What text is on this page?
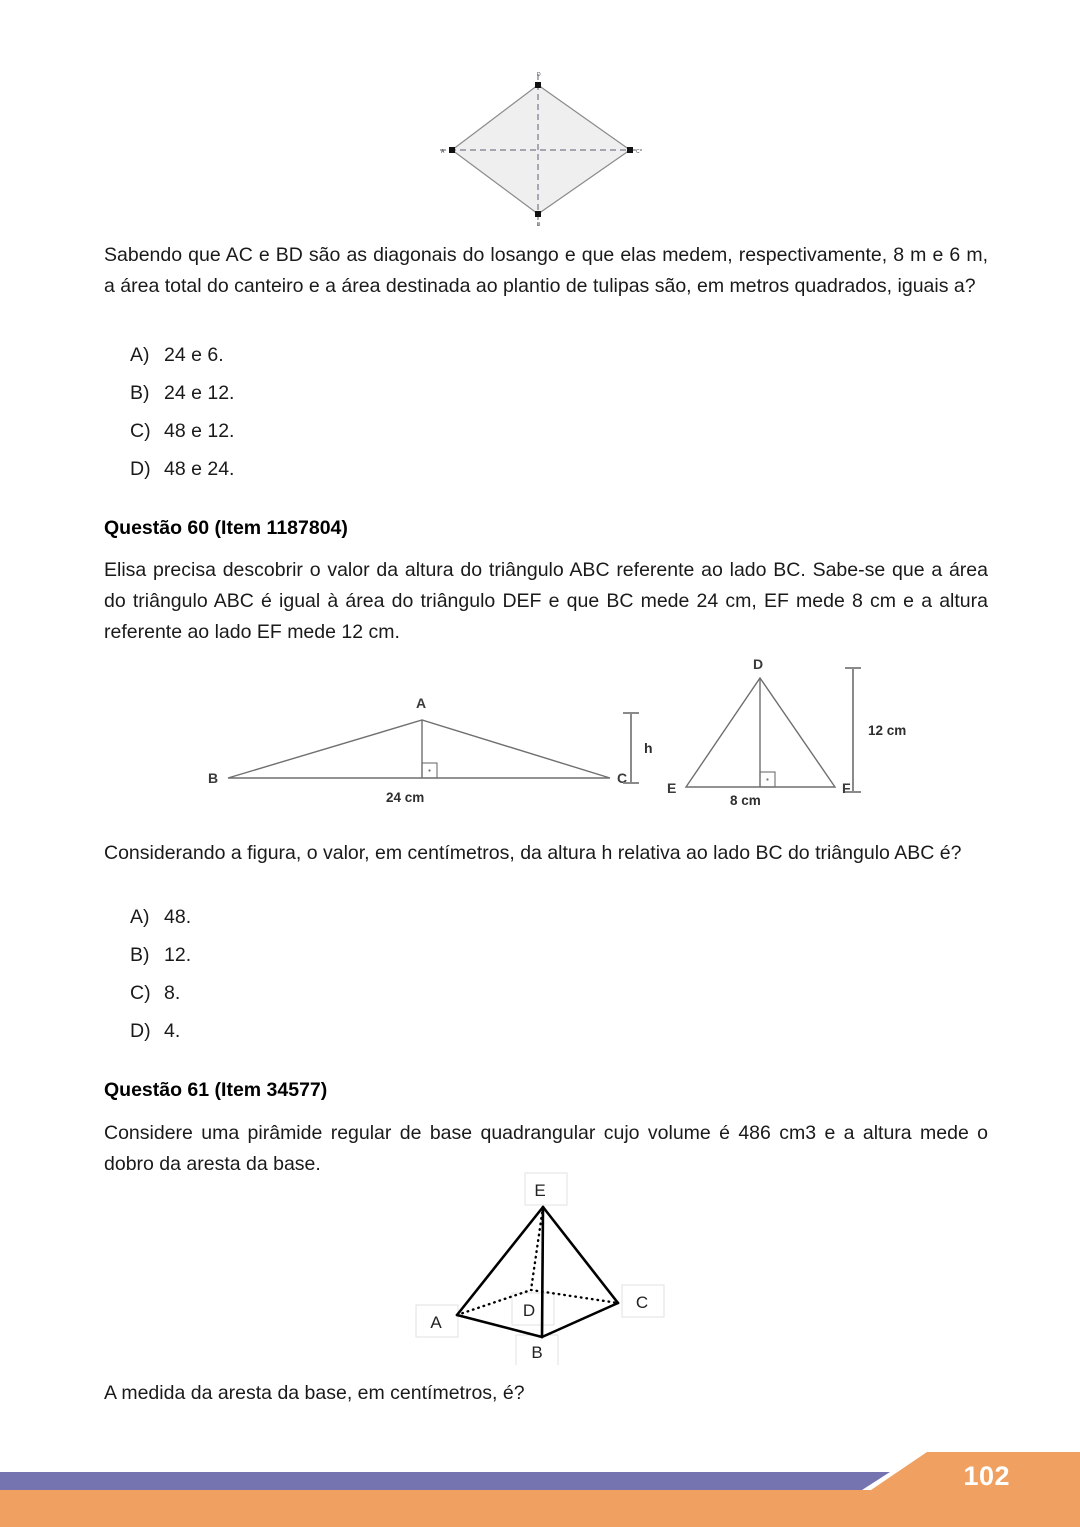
A
D
C
B
Sabendo que AC e BD são as diagonais do losango e que elas medem, respectivamente, 8 m e 6 m, a área total do canteiro e a área destinada ao plantio de tulipas são, em metros quadrados, iguais a?
A) 24 e 6.
B) 24 e 12.
C) 48 e 12.
D) 48 e 24.
Questão 60 (Item 1187804)
Elisa precisa descobrir o valor da altura do triângulo ABC referente ao lado BC. Sabe-se que a área do triângulo ABC é igual à área do triângulo DEF e que BC mede 24 cm, EF mede 8 cm e a altura referente ao lado EF mede 12 cm.
A
B	C
24 cm
h
D
E	F
8 cm
12 cm
Considerando a figura, o valor, em centímetros, da altura h relativa ao lado BC do triângulo ABC é?
A) 48.
B) 12.
C) 8.
D) 4.
Questão 61 (Item 34577)
Considere uma pirâmide regular de base quadrangular cujo volume é 486 cm3 e a altura mede o dobro da aresta da base.
E
A
B
C
D
A medida da aresta da base, em centímetros, é?
102
